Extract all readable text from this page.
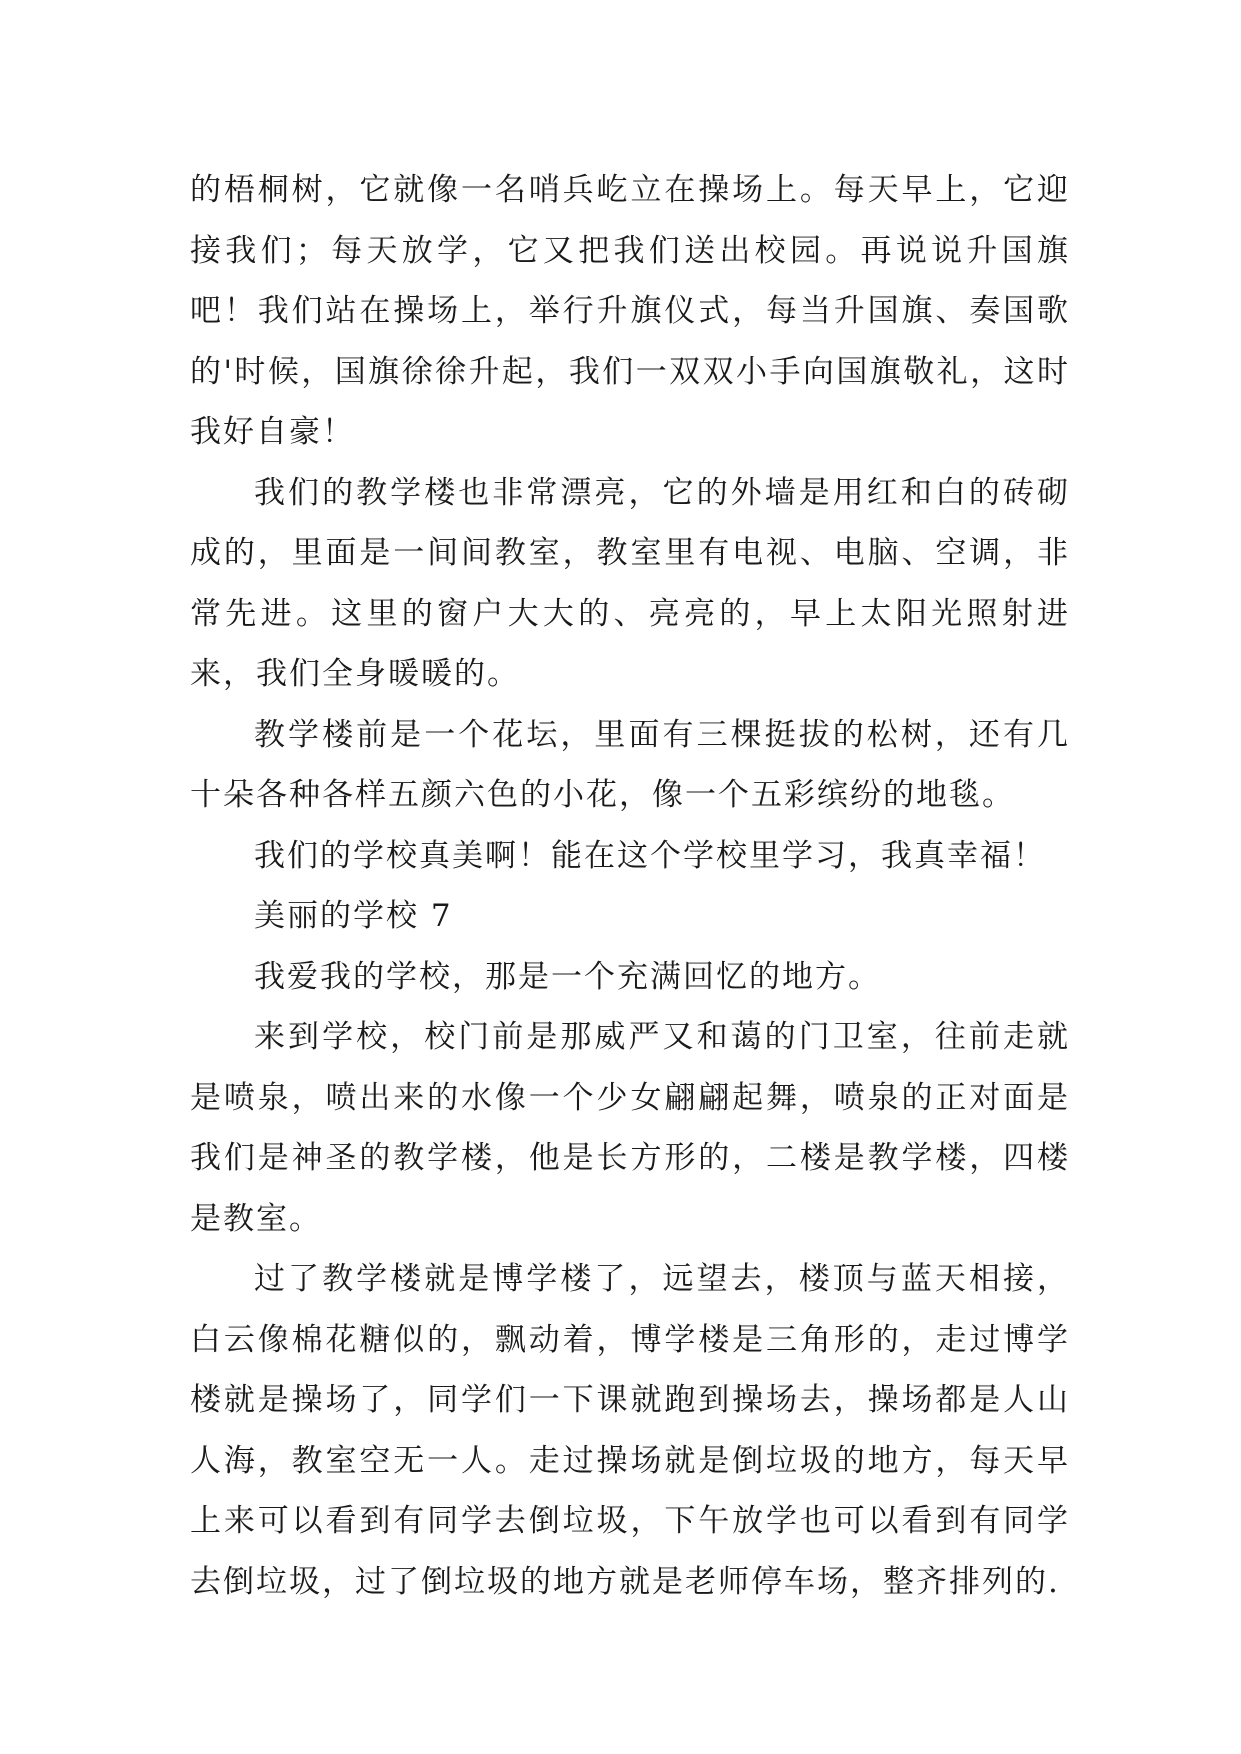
的梧桐树，它就像一名哨兵屹立在操场上。每天早上，它迎接我们；每天放学，它又把我们送出校园。再说说升国旗吧！我们站在操场上，举行升旗仪式，每当升国旗、奏国歌的'时候，国旗徐徐升起，我们一双双小手向国旗敬礼，这时我好自豪！

我们的教学楼也非常漂亮，它的外墙是用红和白的砖砌成的，里面是一间间教室，教室里有电视、电脑、空调，非常先进。这里的窗户大大的、亮亮的，早上太阳光照射进来，我们全身暖暖的。

教学楼前是一个花坛，里面有三棵挺拔的松树，还有几十朵各种各样五颜六色的小花，像一个五彩缤纷的地毯。

我们的学校真美啊！能在这个学校里学习，我真幸福！

美丽的学校 7

我爱我的学校，那是一个充满回忆的地方。

来到学校，校门前是那威严又和蔼的门卫室，往前走就是喷泉，喷出来的水像一个少女翩翩起舞，喷泉的正对面是我们是神圣的教学楼，他是长方形的，二楼是教学楼，四楼是教室。

过了教学楼就是博学楼了，远望去，楼顶与蓝天相接，白云像棉花糖似的，飘动着，博学楼是三角形的，走过博学楼就是操场了，同学们一下课就跑到操场去，操场都是人山人海，教室空无一人。走过操场就是倒垃圾的地方，每天早上来可以看到有同学去倒垃圾，下午放学也可以看到有同学去倒垃圾，过了倒垃圾的地方就是老师停车场，整齐排列的.
